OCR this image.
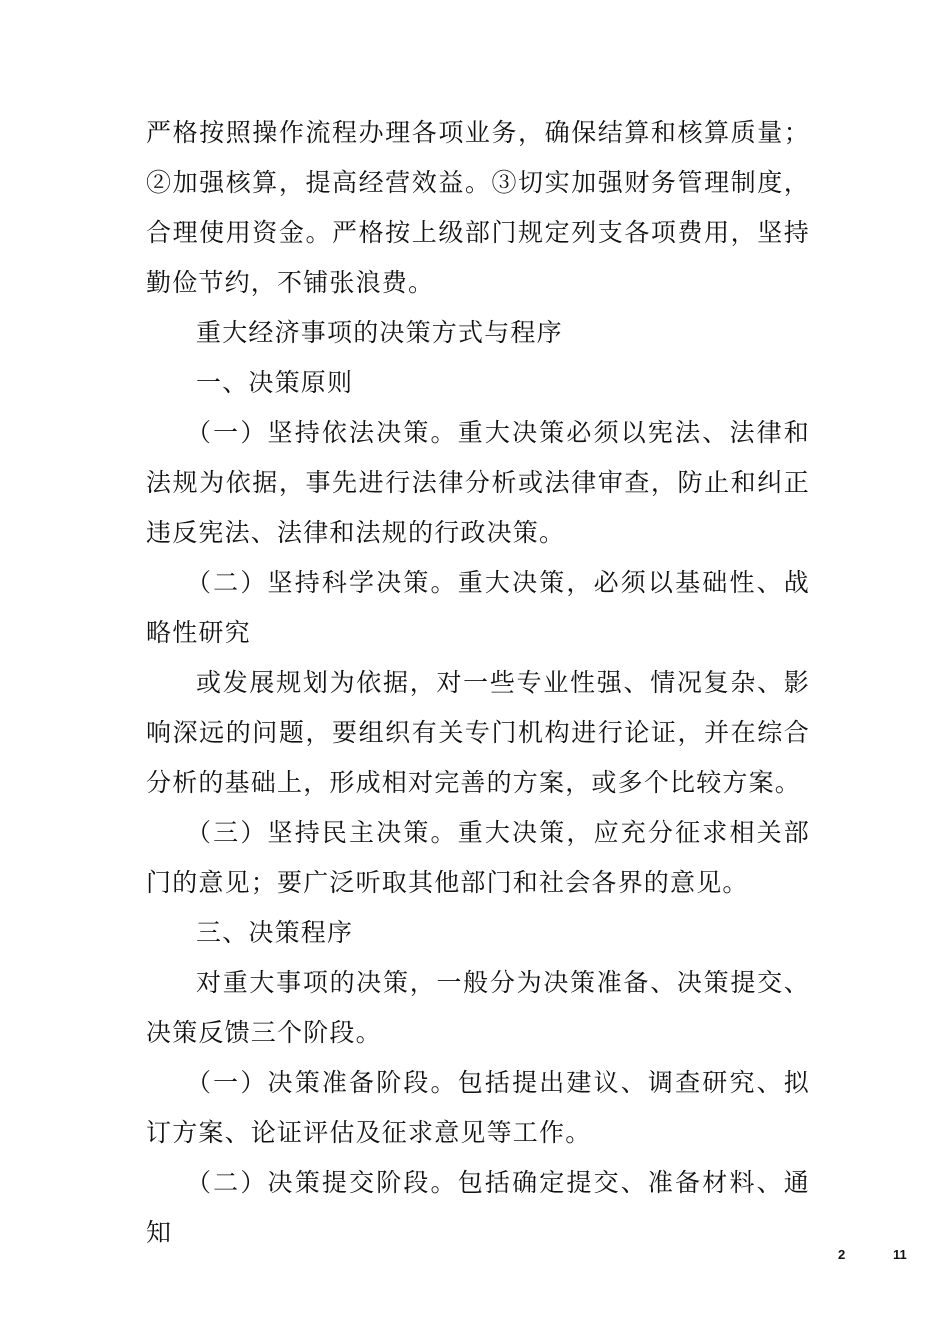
严格按照操作流程办理各项业务，确保结算和核算质量；②加强核算，提高经营效益。③切实加强财务管理制度，合理使用资金。严格按上级部门规定列支各项费用，坚持勤俭节约，不铺张浪费。

重大经济事项的决策方式与程序

一、决策原则

（一）坚持依法决策。重大决策必须以宪法、法律和法规为依据，事先进行法律分析或法律审查，防止和纠正违反宪法、法律和法规的行政决策。

（二）坚持科学决策。重大决策，必须以基础性、战略性研究

或发展规划为依据，对一些专业性强、情况复杂、影响深远的问题，要组织有关专门机构进行论证，并在综合分析的基础上，形成相对完善的方案，或多个比较方案。

（三）坚持民主决策。重大决策，应充分征求相关部门的意见；要广泛听取其他部门和社会各界的意见。

三、决策程序

对重大事项的决策，一般分为决策准备、决策提交、决策反馈三个阶段。

（一）决策准备阶段。包括提出建议、调查研究、拟订方案、论证评估及征求意见等工作。

（二）决策提交阶段。包括确定提交、准备材料、通知

2	11
